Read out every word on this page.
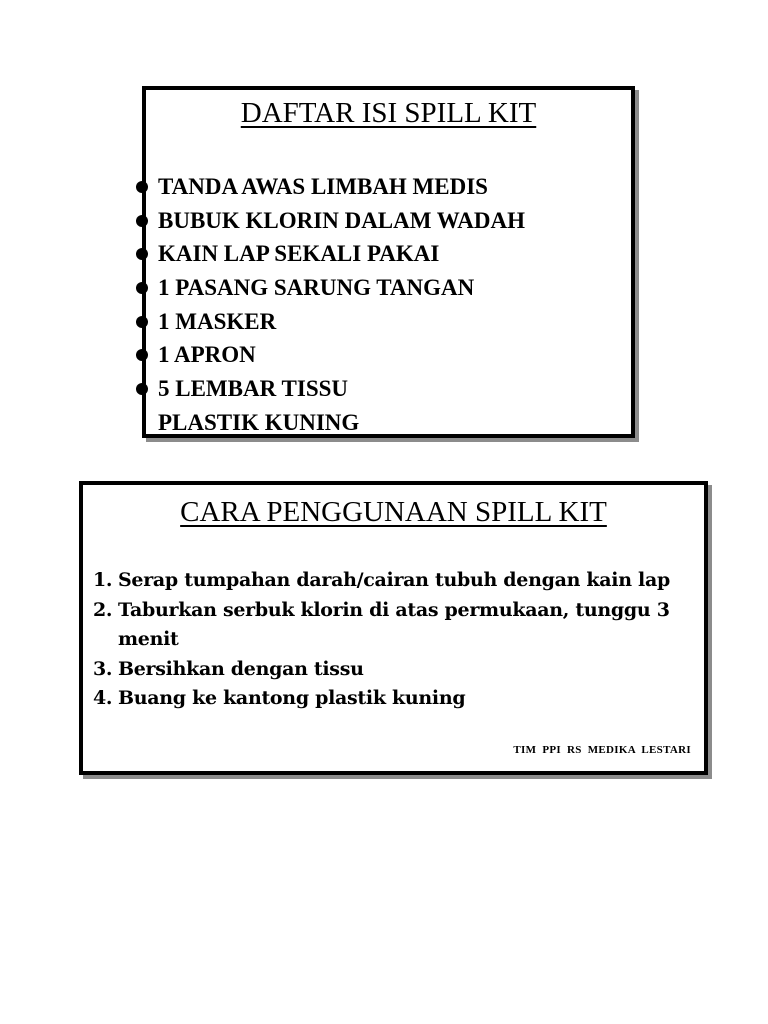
DAFTAR ISI SPILL KIT
TANDA AWAS LIMBAH MEDIS
BUBUK KLORIN DALAM WADAH
KAIN LAP SEKALI PAKAI
1 PASANG SARUNG TANGAN
1 MASKER
1 APRON
5 LEMBAR TISSU
PLASTIK KUNING
CARA PENGGUNAAN SPILL KIT
1. Serap tumpahan darah/cairan tubuh dengan kain lap
2. Taburkan serbuk klorin di atas permukaan, tunggu 3 menit
3. Bersihkan dengan tissu
4. Buang ke kantong plastik kuning
TIM PPI RS MEDIKA LESTARI
